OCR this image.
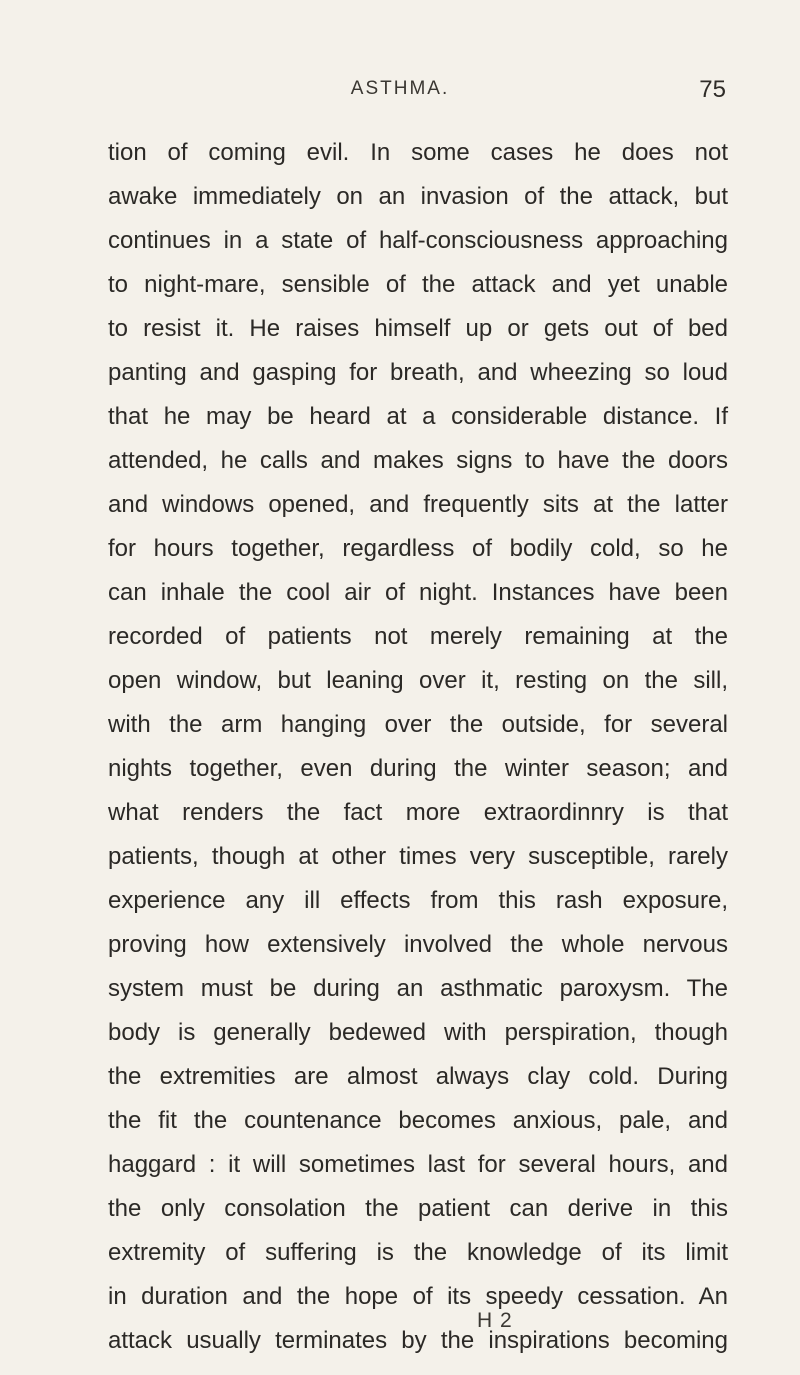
ASTHMA.	75
tion of coming evil. In some cases he does not
awake immediately on an invasion of the attack, but
continues in a state of half-consciousness approaching
to night-mare, sensible of the attack and yet unable
to resist it. He raises himself up or gets out of bed
panting and gasping for breath, and wheezing so loud
that he may be heard at a considerable distance. If
attended, he calls and makes signs to have the doors
and windows opened, and frequently sits at the latter
for hours together, regardless of bodily cold, so he
can inhale the cool air of night. Instances have been
recorded of patients not merely remaining at the
open window, but leaning over it, resting on the sill,
with the arm hanging over the outside, for several
nights together, even during the winter season; and
what renders the fact more extraordinnry is that
patients, though at other times very susceptible, rarely
experience any ill effects from this rash exposure,
proving how extensively involved the whole nervous
system must be during an asthmatic paroxysm. The
body is generally bedewed with perspiration, though
the extremities are almost always clay cold. During
the fit the countenance becomes anxious, pale, and
haggard : it will sometimes last for several hours, and
the only consolation the patient can derive in this
extremity of suffering is the knowledge of its limit
in duration and the hope of its speedy cessation. An
attack usually terminates by the inspirations becoming
H 2
